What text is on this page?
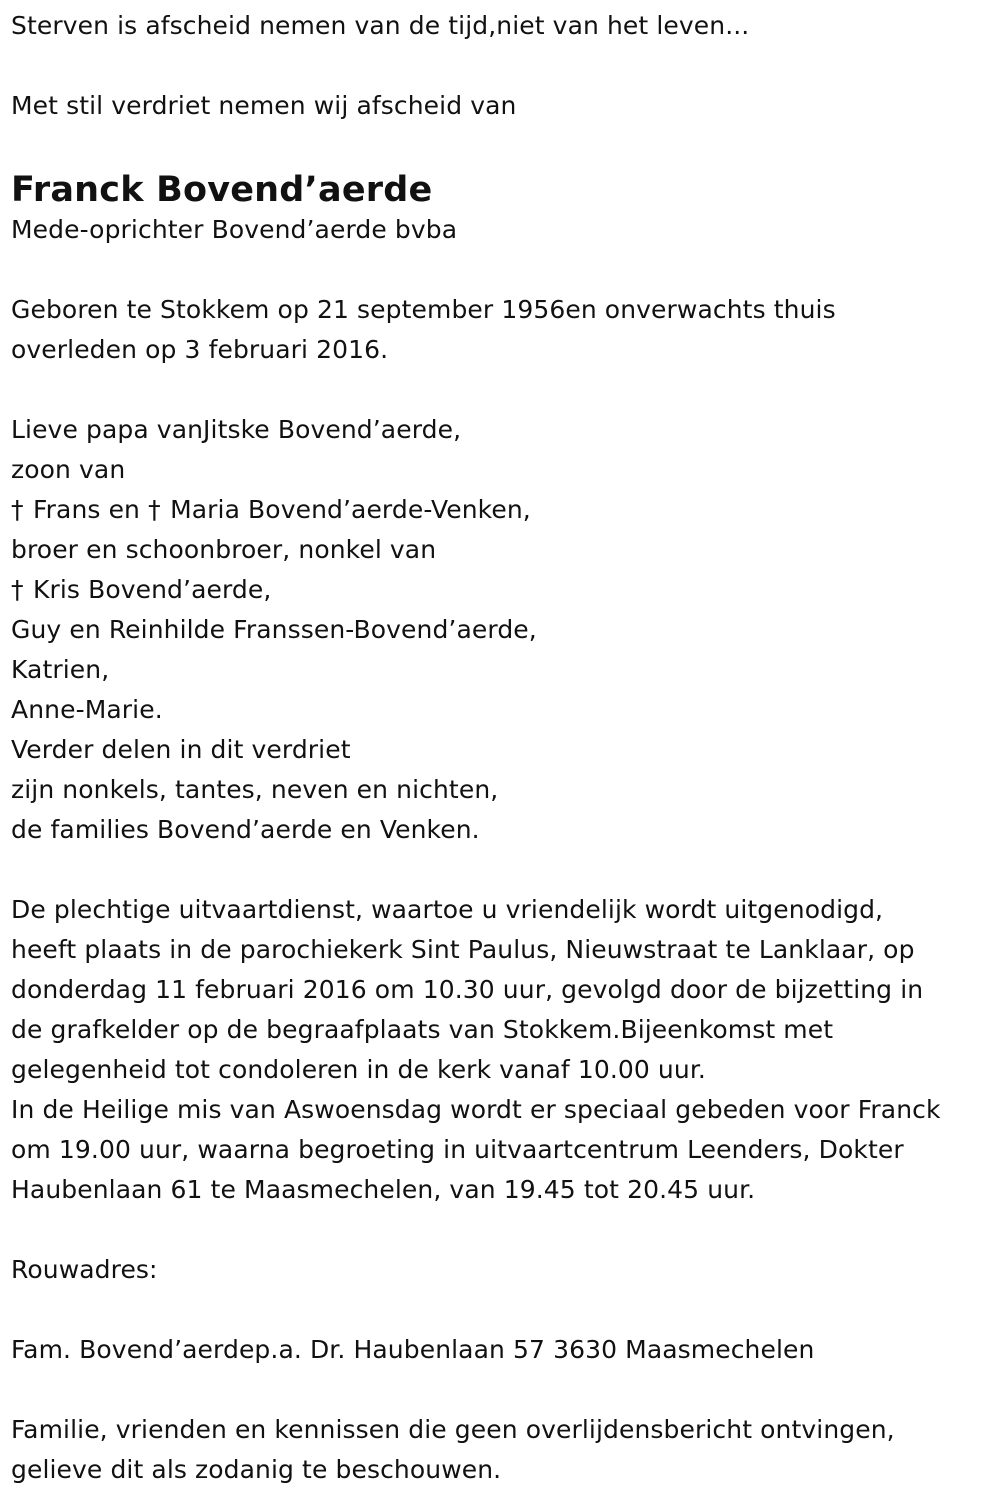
Sterven is afscheid nemen van de tijd,niet van het leven...
Met stil verdriet nemen wij afscheid van
Franck Bovend’aerde
Mede-oprichter Bovend’aerde bvba
Geboren te Stokkem op 21 september 1956en onverwachts thuis
overleden op 3 februari 2016.
Lieve papa vanJitske Bovend’aerde,
zoon van
† Frans en † Maria Bovend’aerde-Venken,
broer en schoonbroer, nonkel van
† Kris Bovend’aerde,
Guy en Reinhilde Franssen-Bovend’aerde,
Katrien,
Anne-Marie.
Verder delen in dit verdriet
zijn nonkels, tantes, neven en nichten,
de families Bovend’aerde en Venken.
De plechtige uitvaartdienst, waartoe u vriendelijk wordt uitgenodigd,
heeft plaats in de parochiekerk Sint Paulus, Nieuwstraat te Lanklaar, op
donderdag 11 februari 2016 om 10.30 uur, gevolgd door de bijzetting in
de grafkelder op de begraafplaats van Stokkem.Bijeenkomst met
gelegenheid tot condoleren in de kerk vanaf 10.00 uur.
In de Heilige mis van Aswoensdag wordt er speciaal gebeden voor Franck
om 19.00 uur, waarna begroeting in uitvaartcentrum Leenders, Dokter
Haubenlaan 61 te Maasmechelen, van 19.45 tot 20.45 uur.
Rouwadres:
Fam. Bovend’aerdep.a. Dr. Haubenlaan 57 3630 Maasmechelen
Familie, vrienden en kennissen die geen overlijdensbericht ontvingen,
gelieve dit als zodanig te beschouwen.
